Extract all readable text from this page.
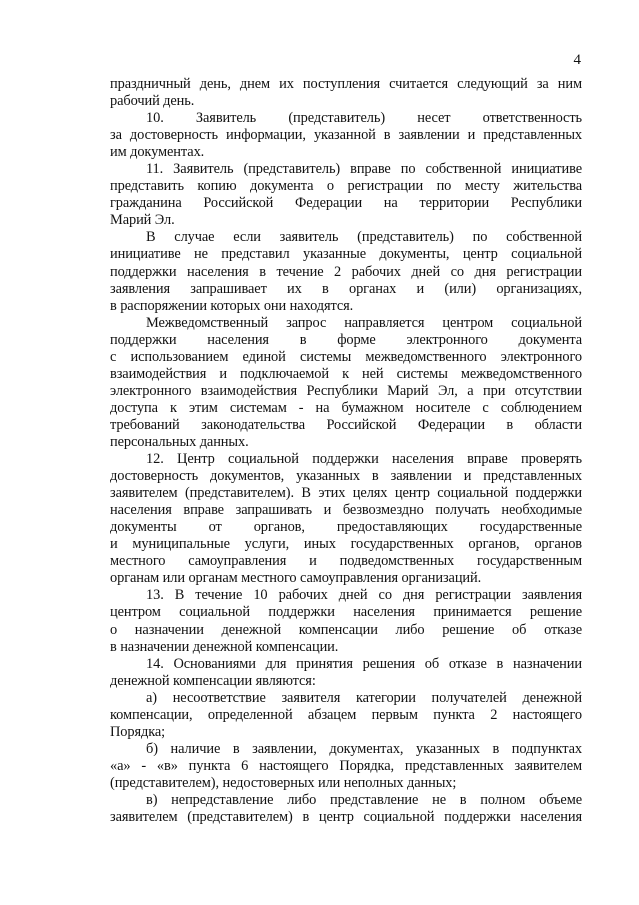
4
праздничный день, днем их поступления считается следующий за ним
рабочий день.
10. Заявитель (представитель) несет ответственность
за достоверность информации, указанной в заявлении и представленных
им документах.
11. Заявитель (представитель) вправе по собственной инициативе
представить копию документа о регистрации по месту жительства
гражданина Российской Федерации на территории Республики
Марий Эл.
В случае если заявитель (представитель) по собственной
инициативе не представил указанные документы, центр социальной
поддержки населения в течение 2 рабочих дней со дня регистрации
заявления запрашивает их в органах и (или) организациях,
в распоряжении которых они находятся.
Межведомственный запрос направляется центром социальной
поддержки населения в форме электронного документа
с использованием единой системы межведомственного электронного
взаимодействия и подключаемой к ней системы межведомственного
электронного взаимодействия Республики Марий Эл, а при отсутствии
доступа к этим системам - на бумажном носителе с соблюдением
требований законодательства Российской Федерации в области
персональных данных.
12. Центр социальной поддержки населения вправе проверять
достоверность документов, указанных в заявлении и представленных
заявителем (представителем). В этих целях центр социальной поддержки
населения вправе запрашивать и безвозмездно получать необходимые
документы от органов, предоставляющих государственные
и муниципальные услуги, иных государственных органов, органов
местного самоуправления и подведомственных государственным
органам или органам местного самоуправления организаций.
13. В течение 10 рабочих дней со дня регистрации заявления
центром социальной поддержки населения принимается решение
о назначении денежной компенсации либо решение об отказе
в назначении денежной компенсации.
14. Основаниями для принятия решения об отказе в назначении
денежной компенсации являются:
а) несоответствие заявителя категории получателей денежной
компенсации, определенной абзацем первым пункта 2 настоящего
Порядка;
б) наличие в заявлении, документах, указанных в подпунктах
«а» - «в» пункта 6 настоящего Порядка, представленных заявителем
(представителем), недостоверных или неполных данных;
в) непредставление либо представление не в полном объеме
заявителем (представителем) в центр социальной поддержки населения
